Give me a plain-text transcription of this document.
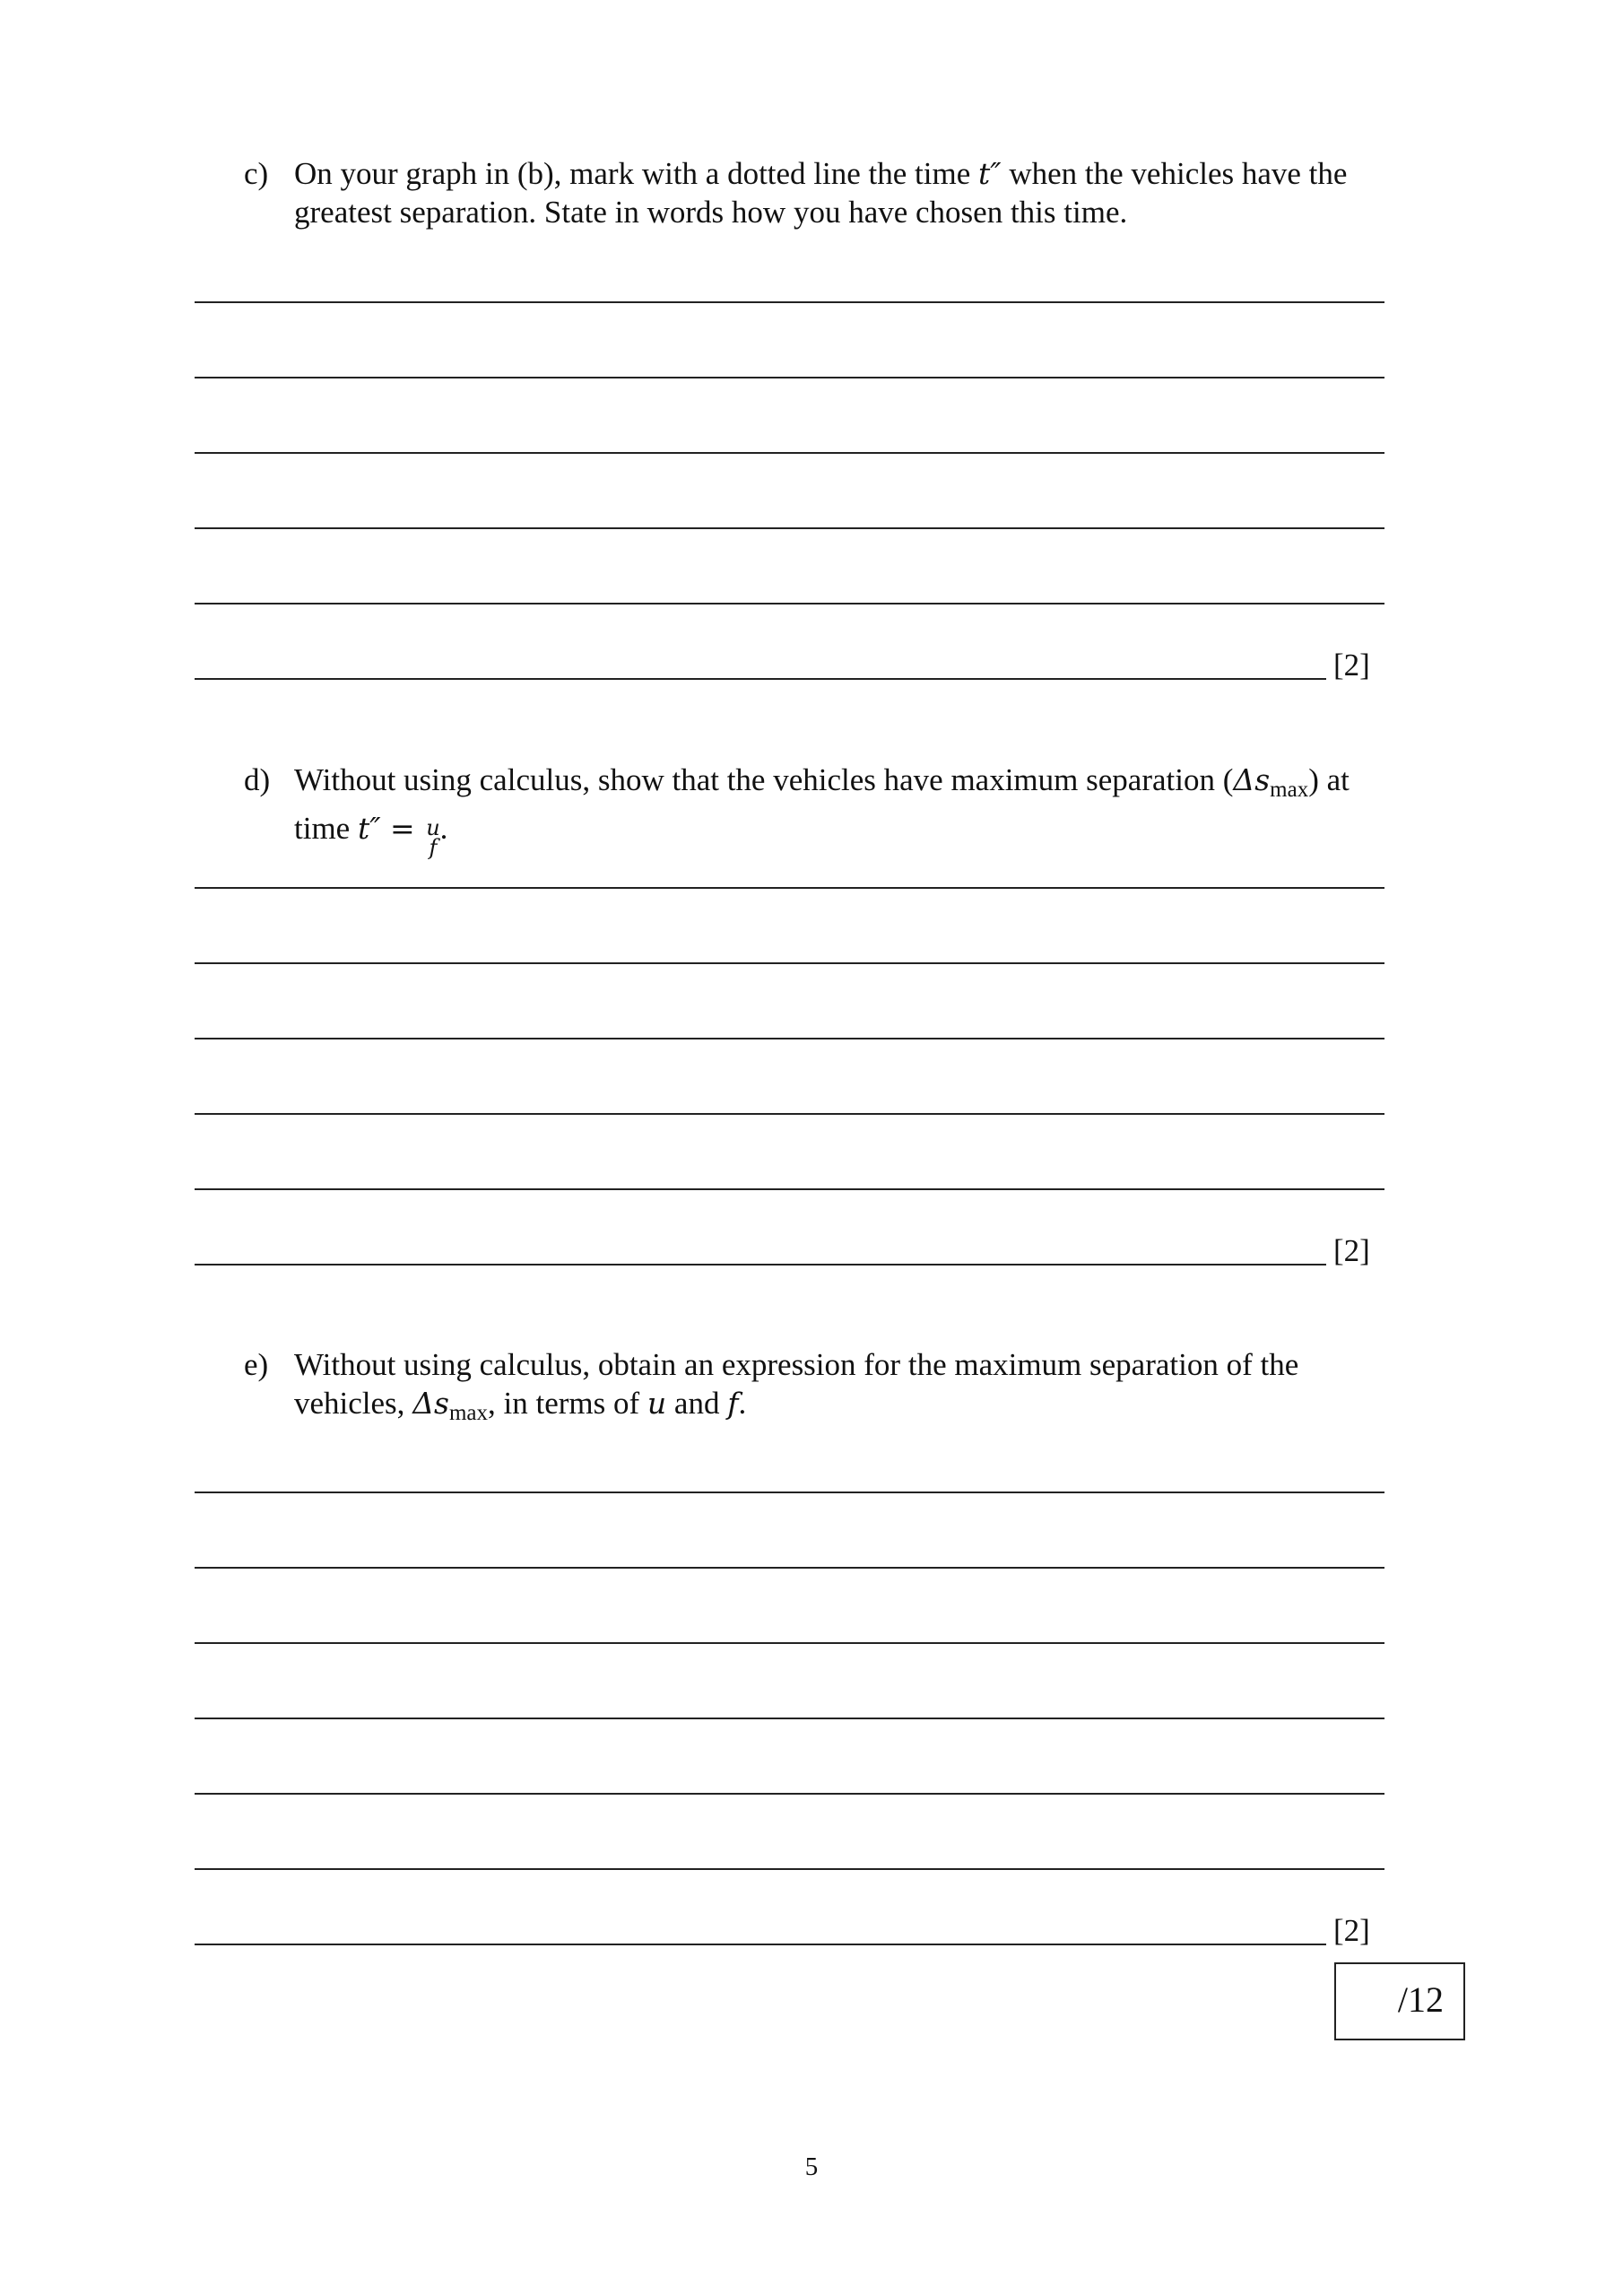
c) On your graph in (b), mark with a dotted line the time t″ when the vehicles have the
greatest separation. State in words how you have chosen this time.
[2]
d) Without using calculus, show that the vehicles have maximum separation $(\Delta s_{max})$ at
time t″ = u
f
.
[2]
e) Without using calculus, obtain an expression for the maximum separation of the
vehicles, $\Delta s_{max}$, in terms of u and f.
[2]
/12
5
